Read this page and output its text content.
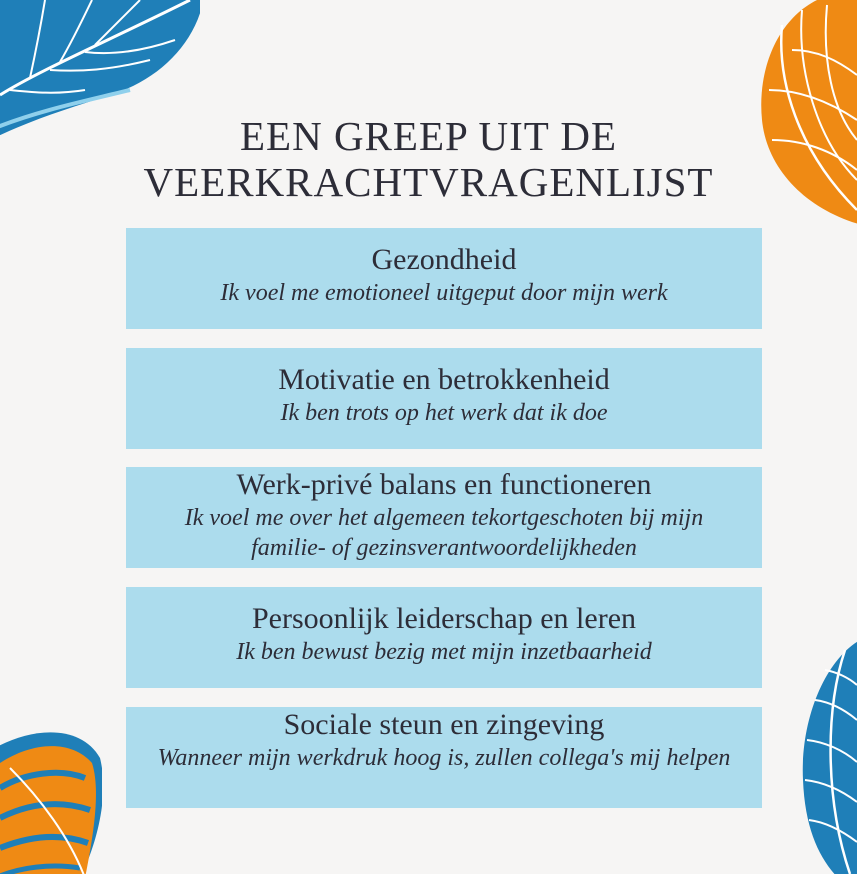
EEN GREEP UIT DE
VEERKRACHTVRAGENLIJST

Gezondheid

Ik voel me emotioneel uitgeput door mijn werk

Motivatie en betrokkenheid

Ik ben trots op het werk dat ik doe

Werk-privé balans en functioneren

Ik voel me over het algemeen tekortgeschoten bij mijn familie- of gezinsverantwoordelijkheden

Persoonlijk leiderschap en leren

Ik ben bewust bezig met mijn inzetbaarheid

Sociale steun en zingeving

Wanneer mijn werkdruk hoog is, zullen collega's mij helpen
